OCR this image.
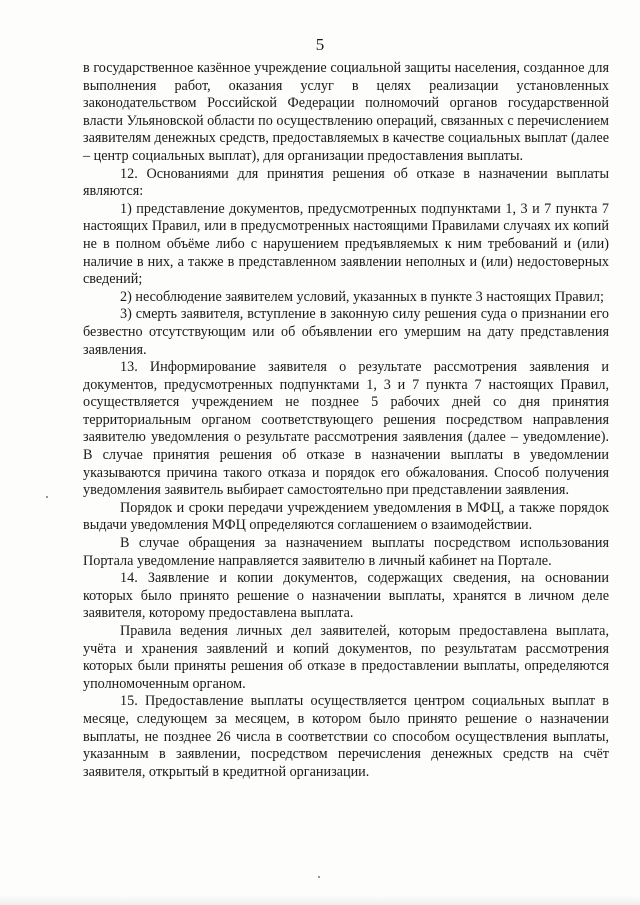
5

в государственное казённое учреждение социальной защиты населения, созданное для выполнения работ, оказания услуг в целях реализации установленных законодательством Российской Федерации полномочий органов государственной власти Ульяновской области по осуществлению операций, связанных с перечислением заявителям денежных средств, предоставляемых в качестве социальных выплат (далее – центр социальных выплат), для организации предоставления выплаты.

12. Основаниями для принятия решения об отказе в назначении выплаты являются:

1) представление документов, предусмотренных подпунктами 1, 3 и 7 пункта 7 настоящих Правил, или в предусмотренных настоящими Правилами случаях их копий не в полном объёме либо с нарушением предъявляемых к ним требований и (или) наличие в них, а также в представленном заявлении неполных и (или) недостоверных сведений;

2) несоблюдение заявителем условий, указанных в пункте 3 настоящих Правил;

3) смерть заявителя, вступление в законную силу решения суда о признании его безвестно отсутствующим или об объявлении его умершим на дату представления заявления.

13. Информирование заявителя о результате рассмотрения заявления и документов, предусмотренных подпунктами 1, 3 и 7 пункта 7 настоящих Правил, осуществляется учреждением не позднее 5 рабочих дней со дня принятия территориальным органом соответствующего решения посредством направления заявителю уведомления о результате рассмотрения заявления (далее – уведомление). В случае принятия решения об отказе в назначении выплаты в уведомлении указываются причина такого отказа и порядок его обжалования. Способ получения уведомления заявитель выбирает самостоятельно при представлении заявления.

Порядок и сроки передачи учреждением уведомления в МФЦ, а также порядок выдачи уведомления МФЦ определяются соглашением о взаимодействии.

В случае обращения за назначением выплаты посредством использования Портала уведомление направляется заявителю в личный кабинет на Портале.

14. Заявление и копии документов, содержащих сведения, на основании которых было принято решение о назначении выплаты, хранятся в личном деле заявителя, которому предоставлена выплата.

Правила ведения личных дел заявителей, которым предоставлена выплата, учёта и хранения заявлений и копий документов, по результатам рассмотрения которых были приняты решения об отказе в предоставлении выплаты, определяются уполномоченным органом.

15. Предоставление выплаты осуществляется центром социальных выплат в месяце, следующем за месяцем, в котором было принято решение о назначении выплаты, не позднее 26 числа в соответствии со способом осуществления выплаты, указанным в заявлении, посредством перечисления денежных средств на счёт заявителя, открытый в кредитной организации.
